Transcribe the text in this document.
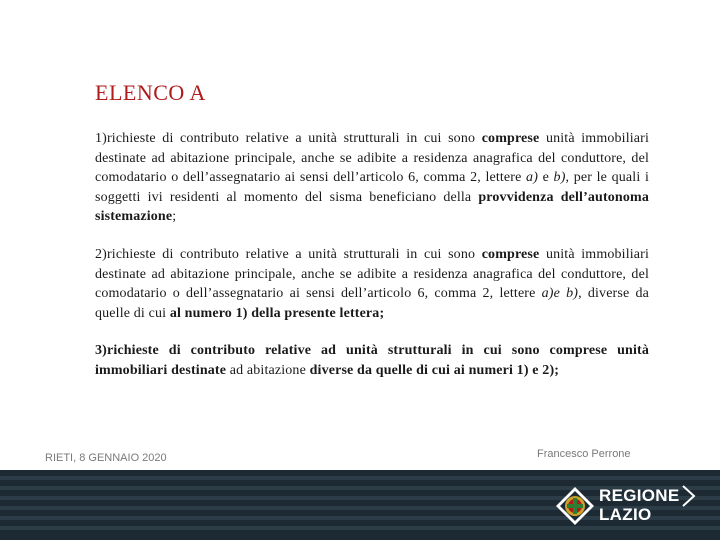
ELENCO A
1)richieste di contributo relative a unità strutturali in cui sono comprese unità immobiliari destinate ad abitazione principale, anche se adibite a residenza anagrafica del conduttore, del comodatario o dell’assegnatario ai sensi dell’articolo 6, comma 2, lettere a) e b), per le quali i soggetti ivi residenti al momento del sisma beneficiano della provvidenza dell’autonoma sistemazione;
2)richieste di contributo relative a unità strutturali in cui sono comprese unità immobiliari destinate ad abitazione principale, anche se adibite a residenza anagrafica del conduttore, del comodatario o dell’assegnatario ai sensi dell’articolo 6, comma 2, lettere a)e b), diverse da quelle di cui al numero 1) della presente lettera;
3)richieste di contributo relative ad unità strutturali in cui sono comprese unità immobiliari destinate ad abitazione diverse da quelle di cui ai numeri 1) e 2);
RIETI, 8 GENNAIO 2020	Francesco Perrone
REGIONE
LAZIO
